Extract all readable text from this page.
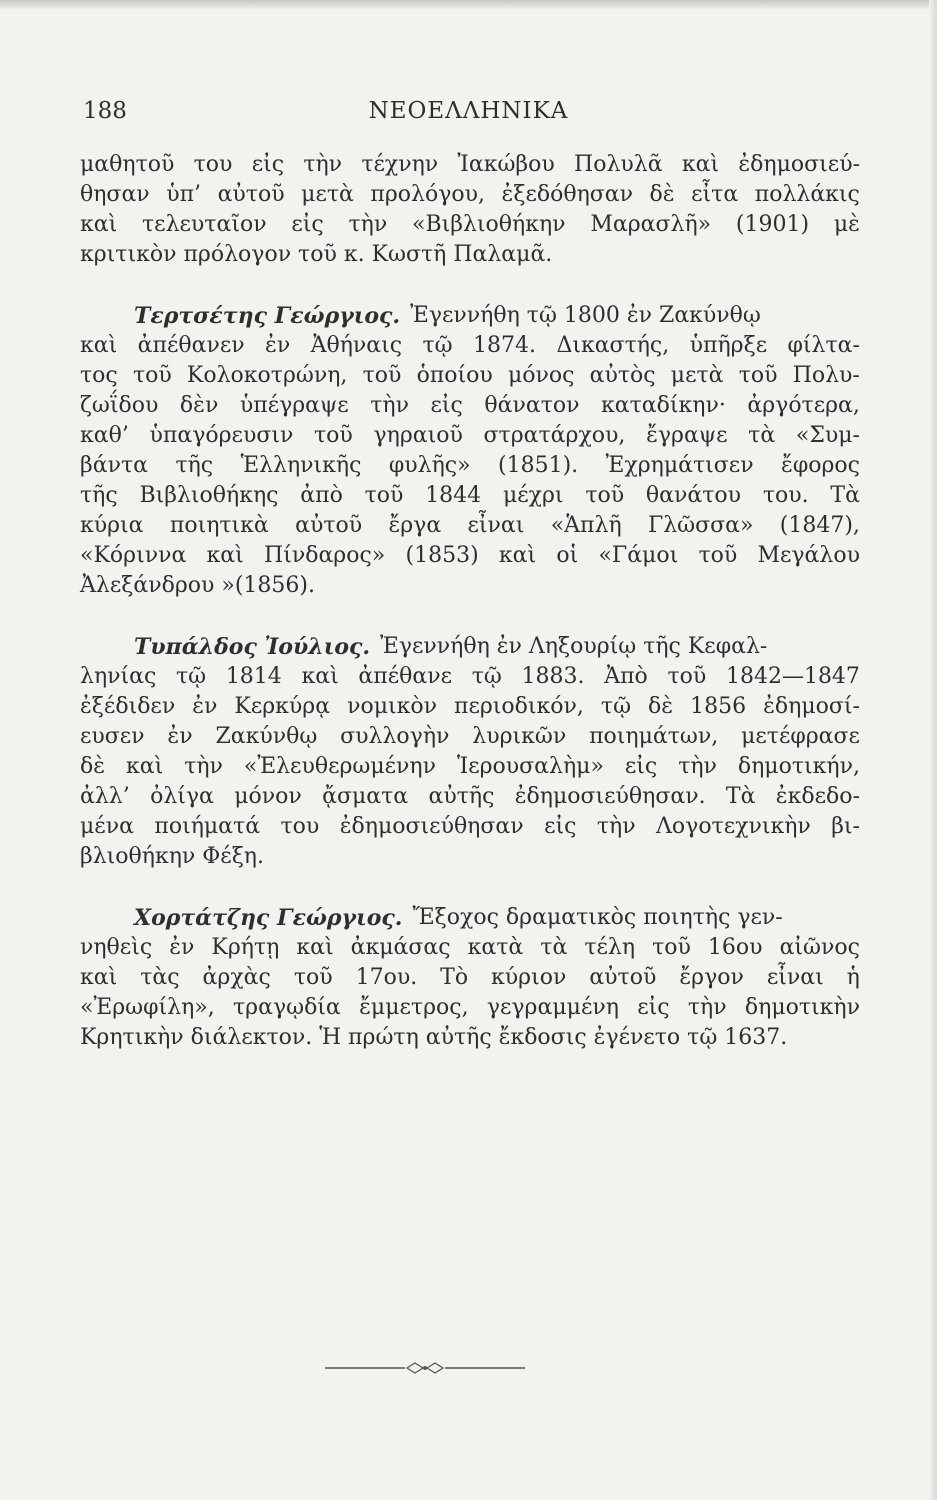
ΝΕΟΕΛΛΗΝΙΚΑ
188
μαθητοῦ του εἰς τὴν τέχνην Ἰακώβου Πολυλᾶ καὶ ἐδημοσιεύ-
θησαν ὑπ’ αὐτοῦ μετὰ προλόγου, ἐξεδόθησαν δὲ εἶτα πολλάκις
καὶ τελευταῖον εἰς τὴν «Βιβλιοθήκην Μαρασλῆ» (1901) μὲ
κριτικὸν πρόλογον τοῦ κ. Κωστῆ Παλαμᾶ.
Τερτσέτης Γεώργιος. Ἐγεννήθη τῷ 1800 ἐν Ζακύνθῳ
καὶ ἀπέθανεν ἐν Ἀθήναις τῷ 1874. Δικαστής, ὑπῆρξε φίλτα-
τος τοῦ Κολοκοτρώνη, τοῦ ὁποίου μόνος αὐτὸς μετὰ τοῦ Πολυ-
ζωΐδου δὲν ὑπέγραψε τὴν εἰς θάνατον καταδίκην· ἀργότερα,
καθ’ ὑπαγόρευσιν τοῦ γηραιοῦ στρατάρχου, ἔγραψε τὰ «Συμ-
βάντα τῆς Ἑλληνικῆς φυλῆς» (1851). Ἐχρημάτισεν ἔφορος
τῆς Βιβλιοθήκης ἀπὸ τοῦ 1844 μέχρι τοῦ θανάτου του. Τὰ
κύρια ποιητικὰ αὐτοῦ ἔργα εἶναι «Ἁπλῆ Γλῶσσα» (1847),
«Κόριννα καὶ Πίνδαρος» (1853) καὶ οἱ «Γάμοι τοῦ Μεγάλου
Ἀλεξάνδρου »(1856).
Τυπάλδος Ἰούλιος. Ἐγεννήθη ἐν Ληξουρίῳ τῆς Κεφαλ-
ληνίας τῷ 1814 καὶ ἀπέθανε τῷ 1883. Ἀπὸ τοῦ 1842—1847
ἐξέδιδεν ἐν Κερκύρᾳ νομικὸν περιοδικόν, τῷ δὲ 1856 ἐδημοσί-
ευσεν ἐν Ζακύνθῳ συλλογὴν λυρικῶν ποιημάτων, μετέφρασε
δὲ καὶ τὴν «Ἐλευθερωμένην Ἱερουσαλὴμ» εἰς τὴν δημοτικήν,
ἀλλ’ ὀλίγα μόνον ᾄσματα αὐτῆς ἐδημοσιεύθησαν. Τὰ ἐκδεδο-
μένα ποιήματά του ἐδημοσιεύθησαν εἰς τὴν Λογοτεχνικὴν βι-
βλιοθήκην Φέξη.
Χορτάτζης Γεώργιος. Ἔξοχος δραματικὸς ποιητὴς γεν-
νηθεὶς ἐν Κρήτῃ καὶ ἀκμάσας κατὰ τὰ τέλη τοῦ 16ου αἰῶνος
καὶ τὰς ἀρχὰς τοῦ 17ου. Τὸ κύριον αὐτοῦ ἔργον εἶναι ἡ
«Ἐρωφίλη», τραγῳδία ἔμμετρος, γεγραμμένη εἰς τὴν δημοτικὴν
Κρητικὴν διάλεκτον. Ἡ πρώτη αὐτῆς ἔκδοσις ἐγένετο τῷ 1637.
